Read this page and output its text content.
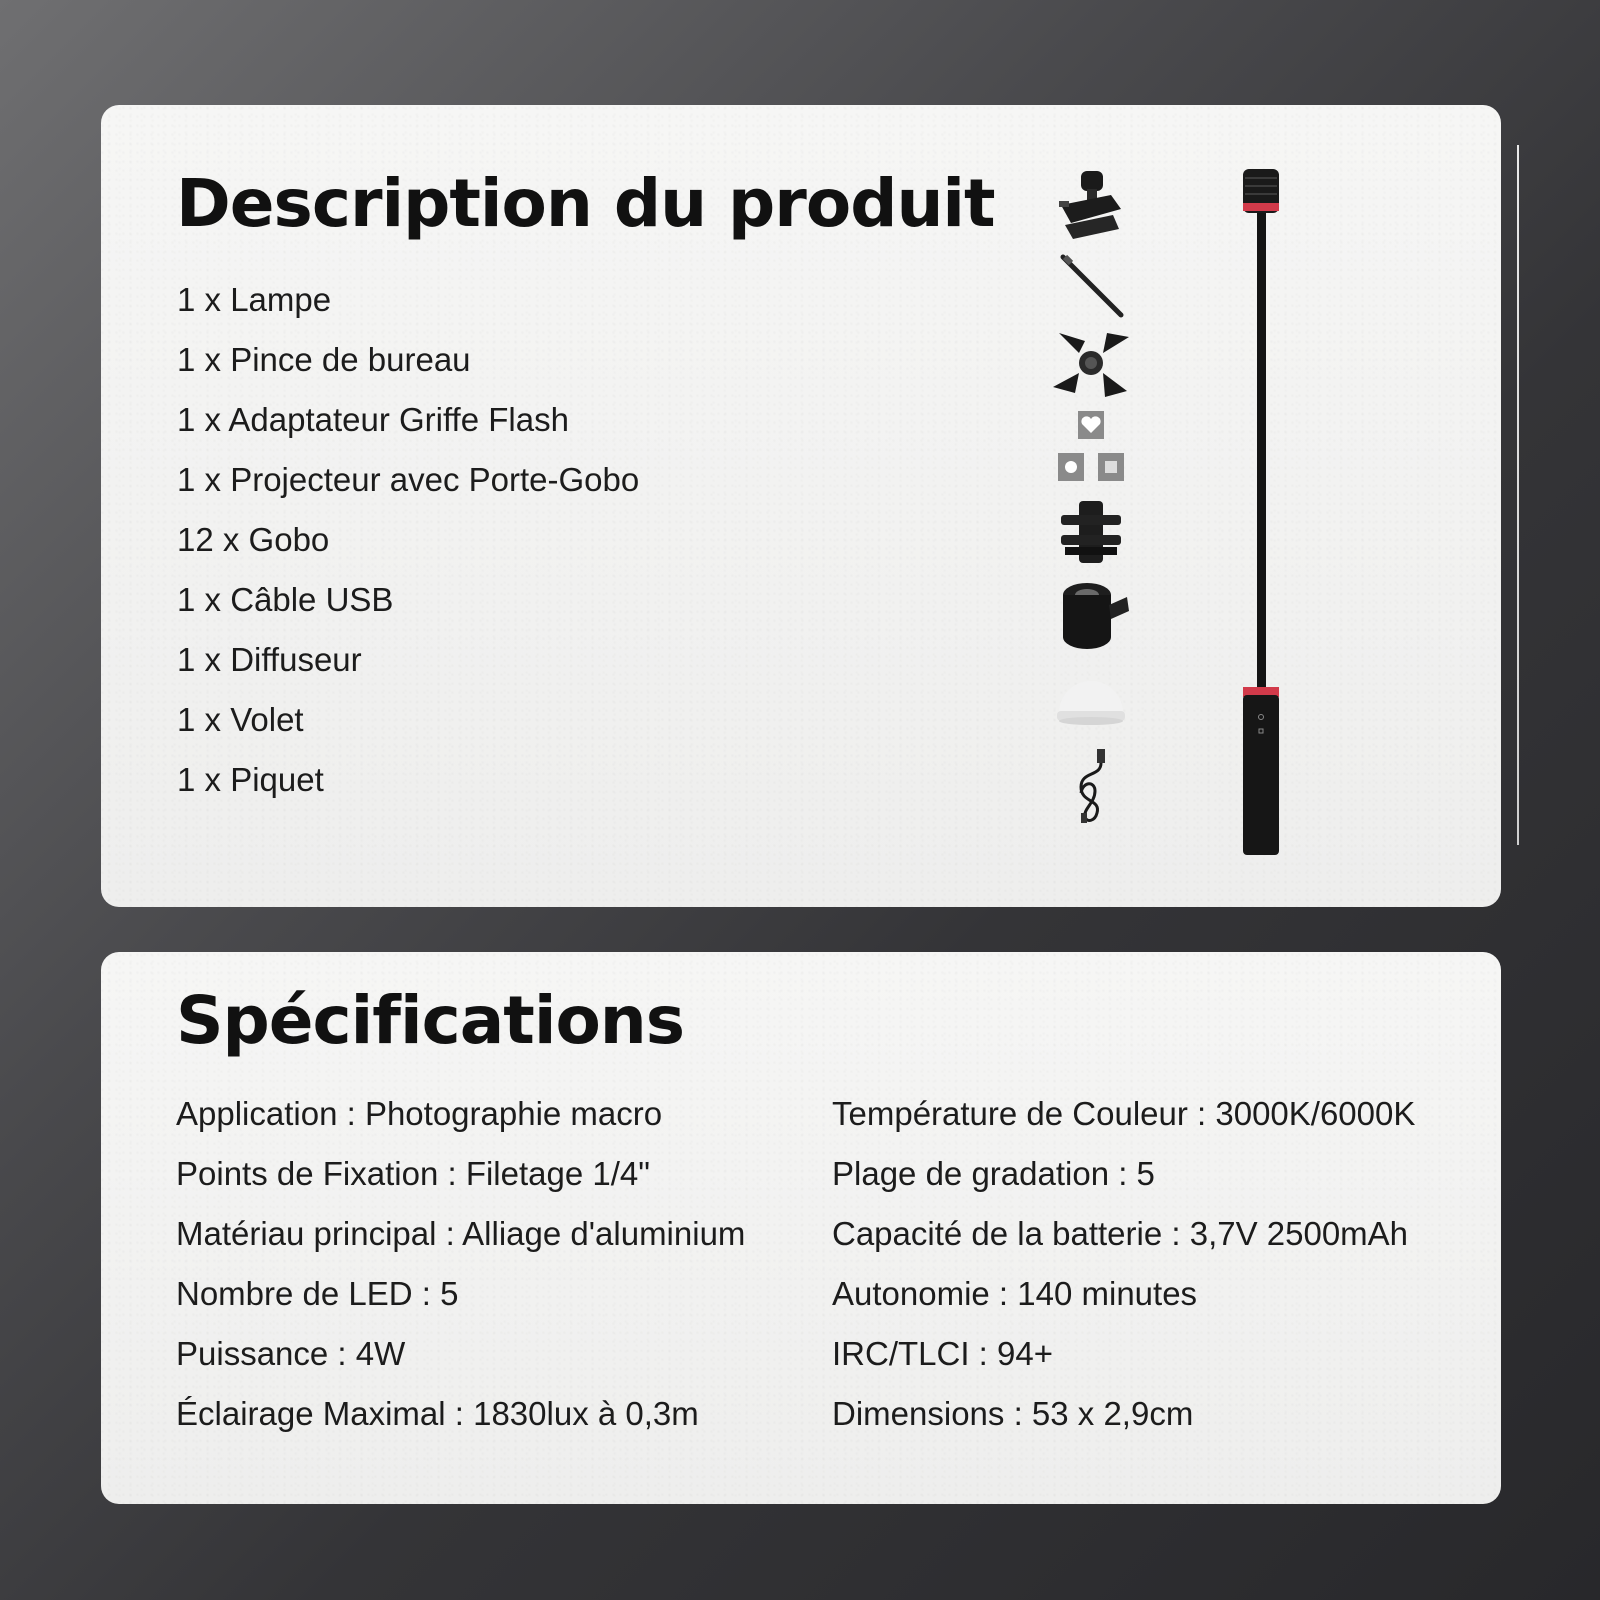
Description du produit
1 x Lampe
1 x Pince de bureau
1 x Adaptateur Griffe Flash
1 x Projecteur avec Porte-Gobo
12 x Gobo
1 x Câble USB
1 x Diffuseur
1 x Volet
1 x Piquet
Spécifications
Application : Photographie macro
Points de Fixation : Filetage 1/4"
Matériau principal : Alliage d'aluminium
Nombre de LED : 5
Puissance : 4W
Éclairage Maximal : 1830lux à 0,3m
Température de Couleur : 3000K/6000K
Plage de gradation : 5
Capacité de la batterie : 3,7V 2500mAh
Autonomie : 140 minutes
IRC/TLCI : 94+
Dimensions : 53 x 2,9cm
